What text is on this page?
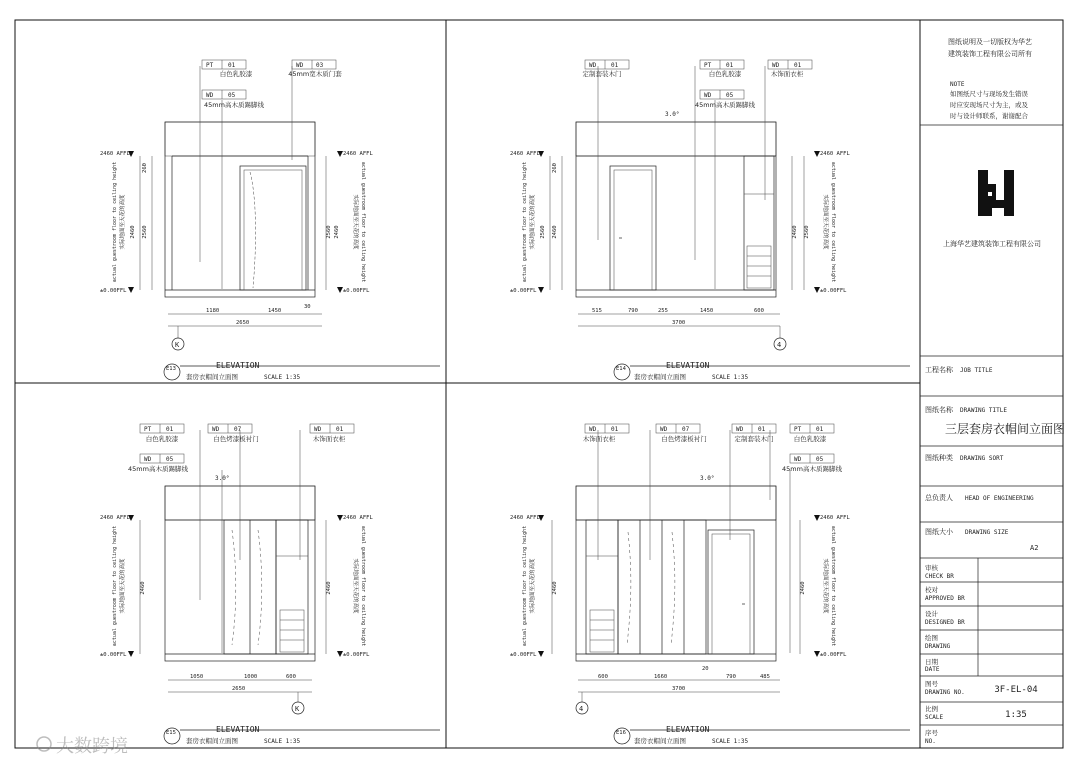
图纸说明及一切版权为华艺
建筑装饰工程有限公司所有
NOTE
如图纸尺寸与现场发生错误
时应安现场尺寸为主，或及
时与设计师联系，谢谢配合
上海华艺建筑装饰工程有限公司
工程名称 JOB TITLE
图纸名称 DRAWING TITLE
三层套房衣帽间立面图
图纸种类 DRAWING SORT
总负责人 HEAD OF ENGINEERING
图纸大小 DRAWING SIZE
A2
审核
CHECK BR
校对
APPROVED BR
设计
DESIGNED BR
绘图
DRAWING
日期
DATE
图号
DRAWING NO.	3F-EL-04
比例
SCALE	1:35
序号
NO.
PT 01
白色乳胶漆
WD 05
45mm高木质踢脚线
WD 03
45mm宽木质门套
2460 AFFL
±0.00FFL
260
2560
2460
实际地面至天花的高度
actual guestroom floor to ceiling height
2460 AFFL
±0.00FFL
2560 2460 实际地面至天花的高度 actual guestroom floor to ceiling height
1180	1450
30
2650
K
E13	ELEVATION
套房衣帽间立面图	SCALE 1:35
3.0°
WD 01
定制套装木门
PT 01
白色乳胶漆
WD 05
45mm高木质踢脚线
WD 01
木饰面衣柜
2460 AFFL
±0.00FFL
260
2460
2560
实际地面至天花的高度
actual guestroom floor to ceiling height
2460 AFFL
±0.00FFL
2460 2560 实际地面至天花的高度 actual guestroom floor to ceiling height
515	790	255	1450	600
3700
4
E14	ELEVATION
套房衣帽间立面图	SCALE 1:35
3.0°
PT 01
白色乳胶漆
WD 05
45mm高木质踢脚线
WD 07
白色烤漆板衬门
WD 01
木饰面衣柜
2460 AFFL
±0.00FFL
2460
实际地面至天花的高度
actual guestroom floor to ceiling height
2460 AFFL
±0.00FFL
2460	实际地面至天花的高度 actual guestroom floor to ceiling height
1050	1000	600
2650
K
E15	ELEVATION
套房衣帽间立面图	SCALE 1:35
3.0°
WD 01
木饰面衣柜
WD 07
白色烤漆板衬门
WD 01
定制套装木门
PT 01
白色乳胶漆
WD 05
45mm高木质踢脚线
2460 AFFL
±0.00FFL
2460
实际地面至天花的高度
actual guestroom floor to ceiling height
2460 AFFL
±0.00FFL
2460	实际地面至天花的高度 actual guestroom floor to ceiling height
600	1660
20
790	485
3700
4
E16	ELEVATION
套房衣帽间立面图	SCALE 1:35
大数跨境
